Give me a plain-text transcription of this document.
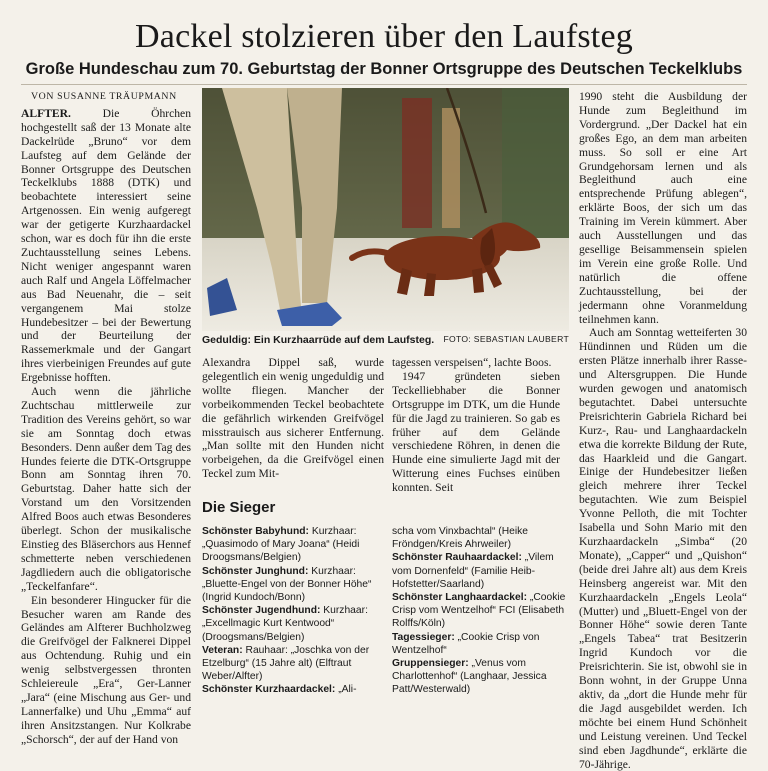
Dackel stolzieren über den Laufsteg
Große Hundeschau zum 70. Geburtstag der Bonner Ortsgruppe des Deutschen Teckelklubs

VON SUSANNE TRÄUPMANN

ALFTER.	Die Öhrchen hochgestellt saß der 13 Monate alte Dackelrüde „Bruno“ vor dem Laufsteg auf dem Gelände der Bonner Ortsgruppe des Deutschen Teckelklubs 1888 (DTK) und beobachtete interessiert seine Artgenossen. Ein wenig aufgeregt war der getigerte Kurzhaardackel schon, war es doch für ihn die erste Zuchtausstellung seines Lebens. Nicht weniger angespannt waren auch Ralf und Angela Löffelmacher aus Bad Neuenahr, die – seit vergangenem Mai stolze Hundebesitzer – bei der Bewertung und der Beurteilung der Rassemerkmale und der Gangart ihres vierbeinigen Freundes auf gute Ergebnisse hofften.

Auch wenn die jährliche Zuchtschau mittlerweile zur Tradition des Vereins gehört, so war sie am Sonntag doch etwas Besonders. Denn außer dem Tag des Hundes feierte die DTK-Ortsgruppe Bonn am Sonntag ihren 70. Geburtstag. Daher hatte sich der Vorstand um den Vorsitzenden Alfred Boos auch etwas Besonderes überlegt. Schon der musikalische Einstieg des Bläserchors aus Hennef schmetterte neben verschiedenen Jagdliedern auch die obligatorische „Teckelfanfare“.

Ein besonderer Hingucker für die Besucher waren am Rande des Geländes am Alfterer Buchholzweg die Greifvögel der Falknerei Dippel aus Ochtendung. Ruhig und ein wenig selbstvergessen thronten Schleiereule „Era“, Ger-Lanner „Jara“ (eine Mischung aus Ger- und Lannerfalke) und Uhu „Emma“ auf ihren Ansitzstangen. Nur Kolkrabe „Schorsch“, der auf der Hand von

Geduldig: Ein Kurzhaarrüde auf dem Laufsteg. FOTO: SEBASTIAN LAUBERT

Alexandra Dippel saß, wurde gelegentlich ein wenig ungeduldig und wollte fliegen. Mancher der vorbeikommenden Teckel beobachtete die gefährlich wirkenden Greifvögel misstrauisch aus sicherer Entfernung. „Man sollte mit den Hunden nicht vorbeigehen, da die Greifvögel einen Teckel zum Mit-

tagessen verspeisen“, lachte Boos.

1947 gründeten sieben Teckelliebhaber die Bonner Ortsgruppe im DTK, um die Hunde für die Jagd zu trainieren. So gab es früher auf dem Gelände verschiedene Röhren, in denen die Hunde eine simulierte Jagd mit der Witterung eines Fuchses einüben konnten. Seit

Die Sieger
Schönster Babyhund: Kurzhaar: „Quasimodo of Mary Joana“ (Heidi Droogsmans/Belgien)
Schönster Junghund: Kurzhaar: „Bluette-Engel von der Bonner Höhe“ (Ingrid Kundoch/Bonn)
Schönster Jugendhund: Kurzhaar: „Excellmagic Kurt Kentwood“ (Droogsmans/Belgien)
Veteran: Rauhaar: „Joschka von der Etzelburg“ (15 Jahre alt) (Elftraut Weber/Alfter)
Schönster Kurzhaardackel: „Ali-
scha vom Vinxbachtal“ (Heike Fröndgen/Kreis Ahrweiler)
Schönster Rauhaardackel: „Vilem vom Dornenfeld“ (Familie Heib-Hofstetter/Saarland)
Schönster Langhaardackel: „Cookie Crisp vom Wentzelhof“ FCI (Elisabeth Rolffs/Köln)
Tagessieger: „Cookie Crisp von Wentzelhof“
Gruppensieger: „Venus vom Charlottenhof“ (Langhaar, Jessica Patt/Westerwald)

1990 steht die Ausbildung der Hunde zum Begleithund im Vordergrund. „Der Dackel hat ein großes Ego, an dem man arbeiten muss. So soll er eine Art Grundgehorsam lernen und als Begleithund auch eine entsprechende Prüfung ablegen“, erklärte Boos, der sich um das Training im Verein kümmert. Aber auch Ausstellungen und das gesellige Beisammensein spielen im Verein eine große Rolle. Und natürlich die offene Zuchtausstellung, bei der jedermann ohne Voranmeldung teilnehmen kann.

Auch am Sonntag wetteiferten 30 Hündinnen und Rüden um die ersten Plätze innerhalb ihrer Rasse- und Altersgruppen. Die Hunde wurden gewogen und anatomisch begutachtet. Dabei untersuchte Preisrichterin Gabriela Richard bei Kurz-, Rau- und Langhaardackeln etwa die korrekte Bildung der Rute, das Haarkleid und die Gangart. Einige der Hundebesitzer ließen gleich mehrere ihrer Teckel begutachten. Wie zum Beispiel Yvonne Pelloth, die mit Tochter Isabella und Sohn Mario mit den Kurzhaardackeln „Simba“ (20 Monate), „Capper“ und „Quishon“ (beide drei Jahre alt) aus dem Kreis Heinsberg angereist war. Mit den Kurzhaardackeln „Engels Leola“ (Mutter) und „Bluett-Engel von der Bonner Höhe“ sowie deren Tante „Engels Tabea“ trat Besitzerin Ingrid Kundoch vor die Preisrichterin. Sie ist, obwohl sie in Bonn wohnt, in der Gruppe Unna aktiv, da „dort die Hunde mehr für die Jagd ausgebildet werden. Ich möchte bei einem Hund Schönheit und Leistung vereinen. Und Teckel sind eben Jagdhunde“, erklärte die 70-Jährige.
